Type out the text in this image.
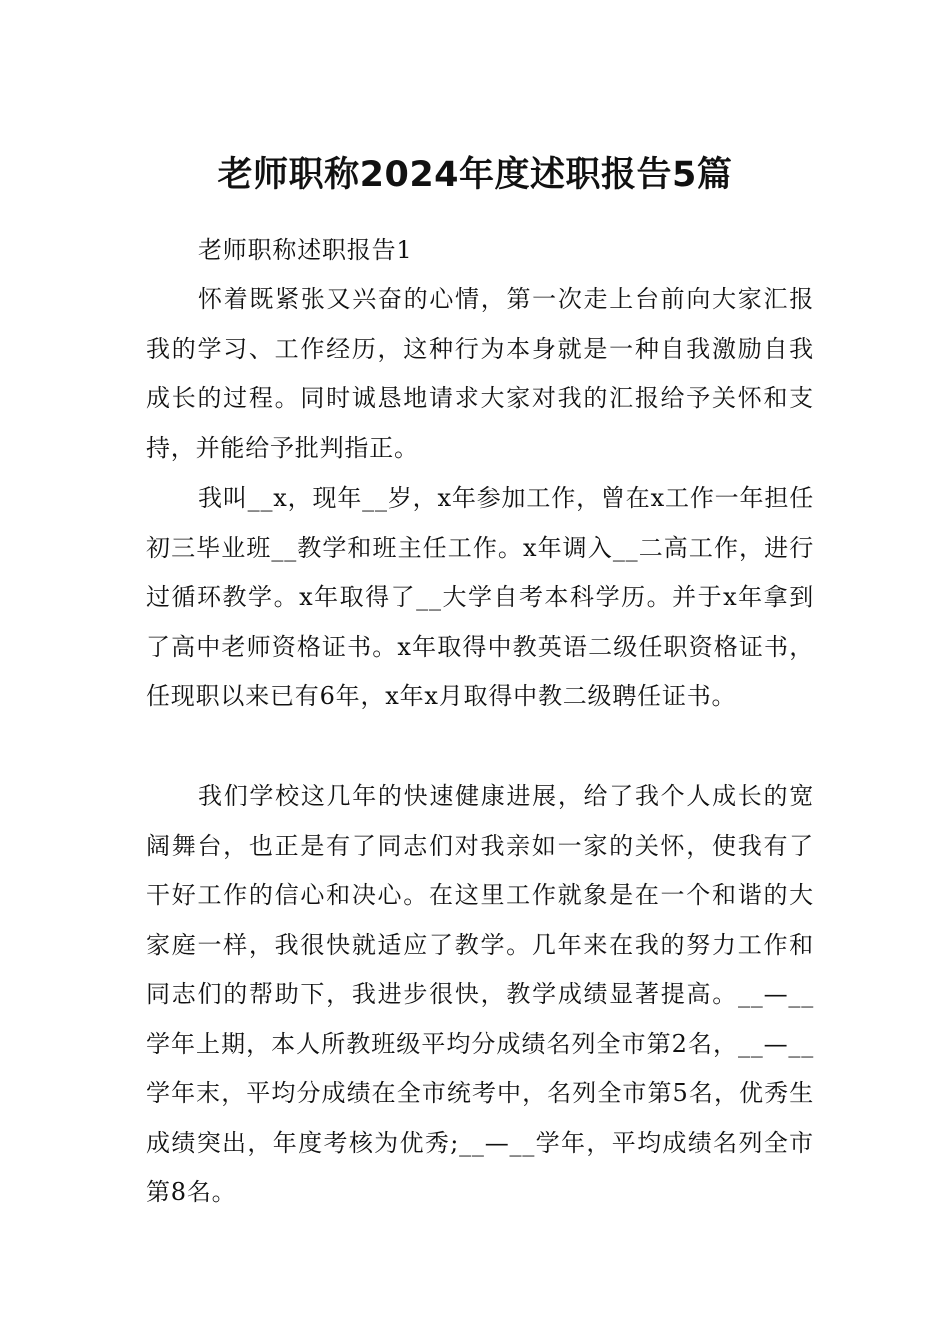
老师职称2024年度述职报告5篇

老师职称述职报告1

怀着既紧张又兴奋的心情，第一次走上台前向大家汇报我的学习、工作经历，这种行为本身就是一种自我激励自我成长的过程。同时诚恳地请求大家对我的汇报给予关怀和支持，并能给予批判指正。

我叫__x，现年__岁，x年参加工作，曾在x工作一年担任初三毕业班__教学和班主任工作。x年调入__二高工作，进行过循环教学。x年取得了__大学自考本科学历。并于x年拿到了高中老师资格证书。x年取得中教英语二级任职资格证书，任现职以来已有6年，x年x月取得中教二级聘任证书。

我们学校这几年的快速健康进展，给了我个人成长的宽阔舞台，也正是有了同志们对我亲如一家的关怀，使我有了干好工作的信心和决心。在这里工作就象是在一个和谐的大家庭一样，我很快就适应了教学。几年来在我的努力工作和同志们的帮助下，我进步很快，教学成绩显著提高。__—__学年上期，本人所教班级平均分成绩名列全市第2名，__—__学年末，平均分成绩在全市统考中，名列全市第5名，优秀生成绩突出，年度考核为优秀;__—__学年，平均成绩名列全市第8名。
